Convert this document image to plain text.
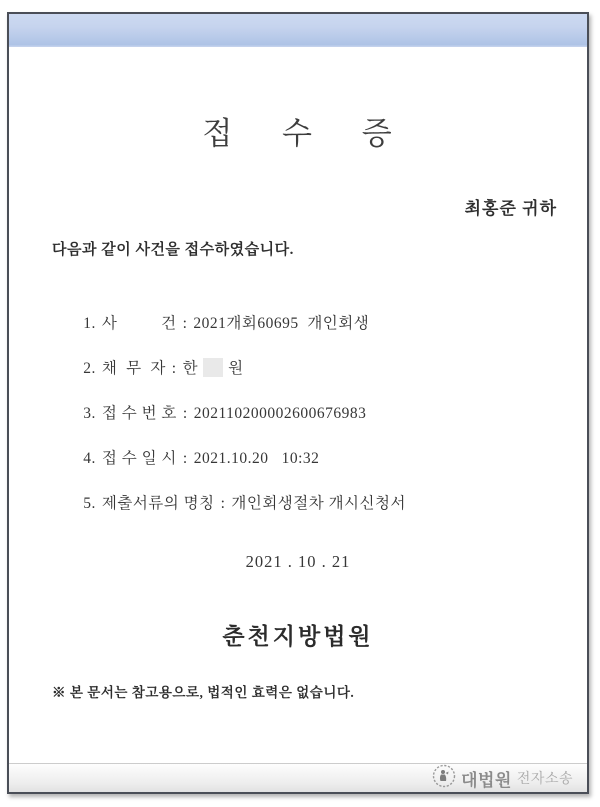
접 수 증
최홍준 귀하
다음과 같이 사건을 접수하였습니다.

1. 사          건 : 2021개회60695  개인회생

2. 채  무  자 : 한 원

3. 접 수 번 호 : 202110200002600676983

4. 접 수 일 시 : 2021.10.20   10:32

5. 제출서류의 명칭 : 개인회생절차 개시신청서

2021 . 10 . 21
춘천지방법원
※ 본 문서는 참고용으로, 법적인 효력은 없습니다.
대법원 전자소송
